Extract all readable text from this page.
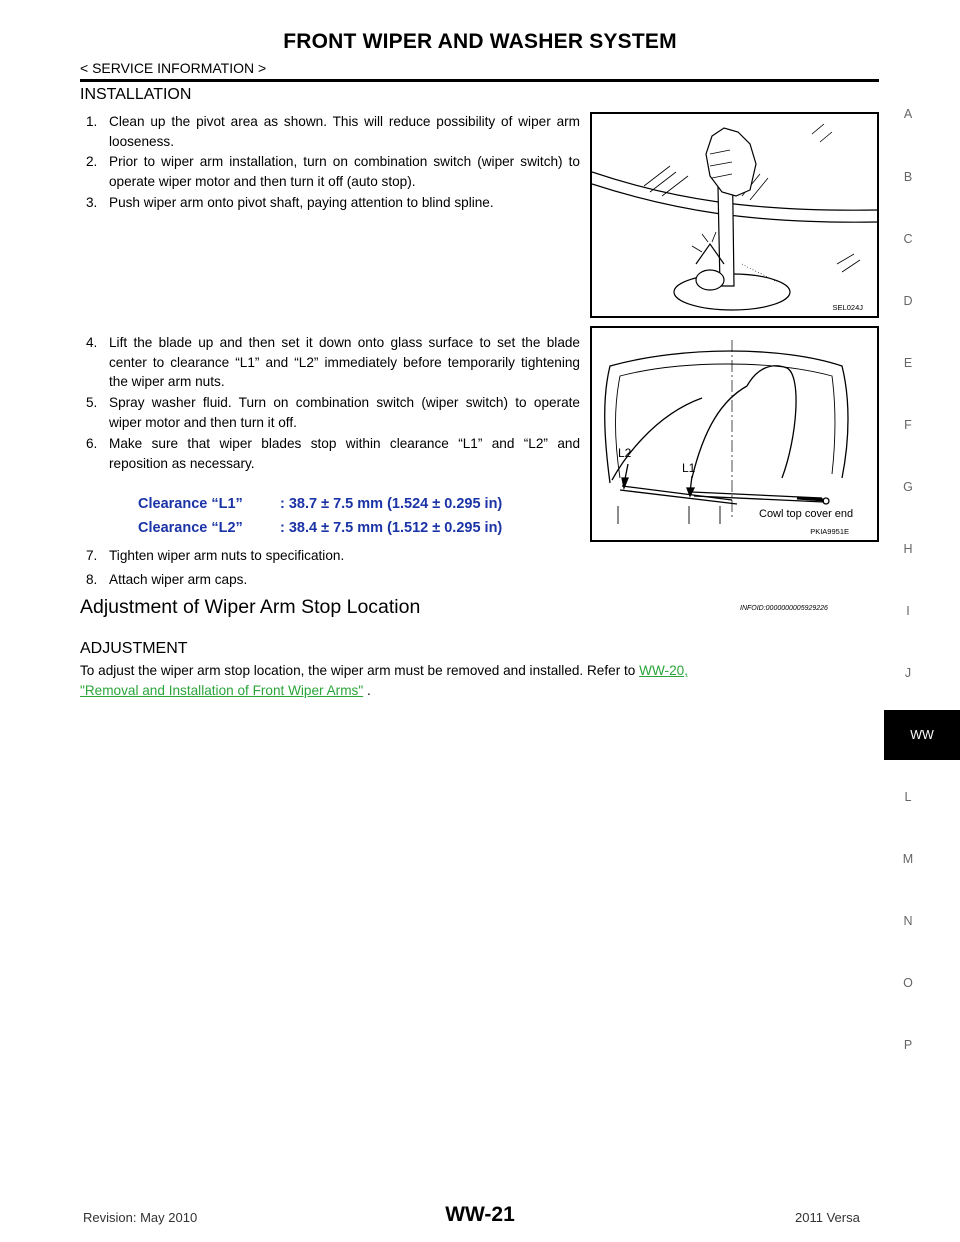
FRONT WIPER AND WASHER SYSTEM
< SERVICE INFORMATION >
INSTALLATION
1. Clean up the pivot area as shown. This will reduce possibility of wiper arm looseness.
2. Prior to wiper arm installation, turn on combination switch (wiper switch) to operate wiper motor and then turn it off (auto stop).
3. Push wiper arm onto pivot shaft, paying attention to blind spline.
4. Lift the blade up and then set it down onto glass surface to set the blade center to clearance “L1” and “L2” immediately before temporarily tightening the wiper arm nuts.
5. Spray washer fluid. Turn on combination switch (wiper switch) to operate wiper motor and then turn it off.
6. Make sure that wiper blades stop within clearance “L1” and “L2” and reposition as necessary.
Clearance “L1”	: 38.7 ± 7.5 mm (1.524 ± 0.295 in)
Clearance “L2”	: 38.4 ± 7.5 mm (1.512 ± 0.295 in)
7. Tighten wiper arm nuts to specification.
8. Attach wiper arm caps.
SEL024J
L2
L1
Cowl top cover end
PKIA9951E
Adjustment of Wiper Arm Stop Location	INFOID:0000000005929226
ADJUSTMENT
To adjust the wiper arm stop location, the wiper arm must be removed and installed. Refer to WW-20,
"Removal and Installation of Front Wiper Arms" .
A
B
C
D
E
F
G
H
I
J
WW
L
M
N
O
P
WW-21
Revision: May 2010	2011 Versa
